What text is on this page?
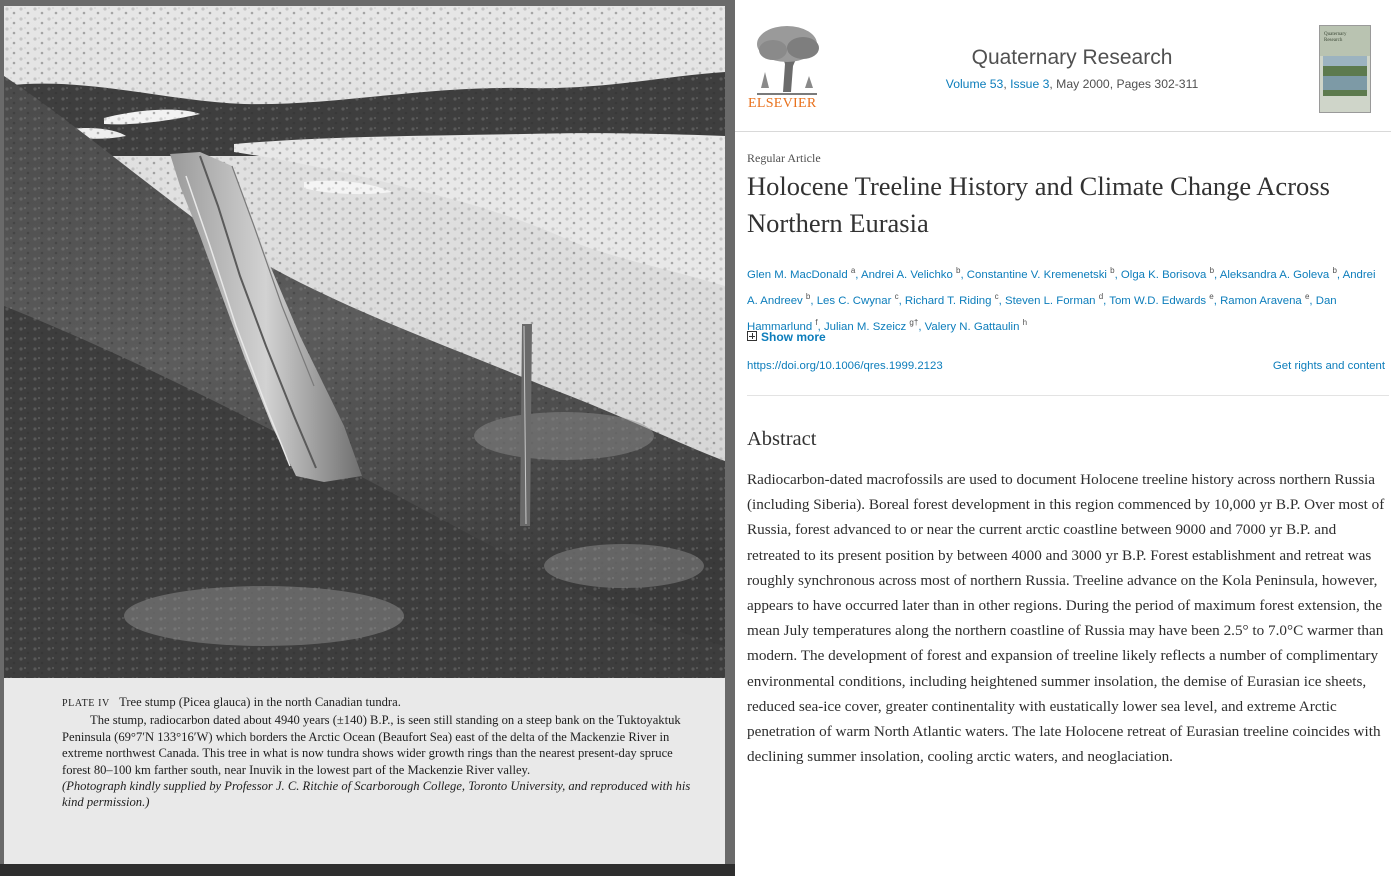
PLATE IV Tree stump (Picea glauca) in the north Canadian tundra.

The stump, radiocarbon dated about 4940 years (±140) B.P., is seen still standing on a steep bank on the Tuktoyaktuk Peninsula (69°7′N 133°16′W) which borders the Arctic Ocean (Beaufort Sea) east of the delta of the Mackenzie River in extreme northwest Canada. This tree in what is now tundra shows wider growth rings than the nearest present-day spruce forest 80–100 km farther south, near Inuvik in the lowest part of the Mackenzie River valley.

(Photograph kindly supplied by Professor J. C. Ritchie of Scarborough College, Toronto University, and reproduced with his kind permission.)

ELSEVIER
Quaternary Research
Volume 53, Issue 3, May 2000, Pages 302-311
Quaternary
Research
Regular Article
Holocene Treeline History and Climate Change Across Northern Eurasia
Glen M. MacDonald $^a$, Andrei A. Velichko $^b$, Constantine V. Kremenetski $^b$, Olga K. Borisova $^b$, Aleksandra A. Goleva $^b$, Andrei A. Andreev $^b$, Les C. Cwynar $^c$, Richard T. Riding $^c$, Steven L. Forman $^d$, Tom W.D. Edwards $^e$, Ramon Aravena $^e$, Dan Hammarlund $^f$, Julian M. Szeicz $^{g\dagger}$, Valery N. Gattaulin $^h$
Show more
https://doi.org/10.1006/qres.1999.2123	Get rights and content
Abstract

Radiocarbon-dated macrofossils are used to document Holocene treeline history across northern Russia (including Siberia). Boreal forest development in this region commenced by 10,000 yr B.P. Over most of Russia, forest advanced to or near the current arctic coastline between 9000 and 7000 yr B.P. and retreated to its present position by between 4000 and 3000 yr B.P. Forest establishment and retreat was roughly synchronous across most of northern Russia. Treeline advance on the Kola Peninsula, however, appears to have occurred later than in other regions. During the period of maximum forest extension, the mean July temperatures along the northern coastline of Russia may have been 2.5° to 7.0°C warmer than modern. The development of forest and expansion of treeline likely reflects a number of complimentary environmental conditions, including heightened summer insolation, the demise of Eurasian ice sheets, reduced sea-ice cover, greater continentality with eustatically lower sea level, and extreme Arctic penetration of warm North Atlantic waters. The late Holocene retreat of Eurasian treeline coincides with declining summer insolation, cooling arctic waters, and neoglaciation.
